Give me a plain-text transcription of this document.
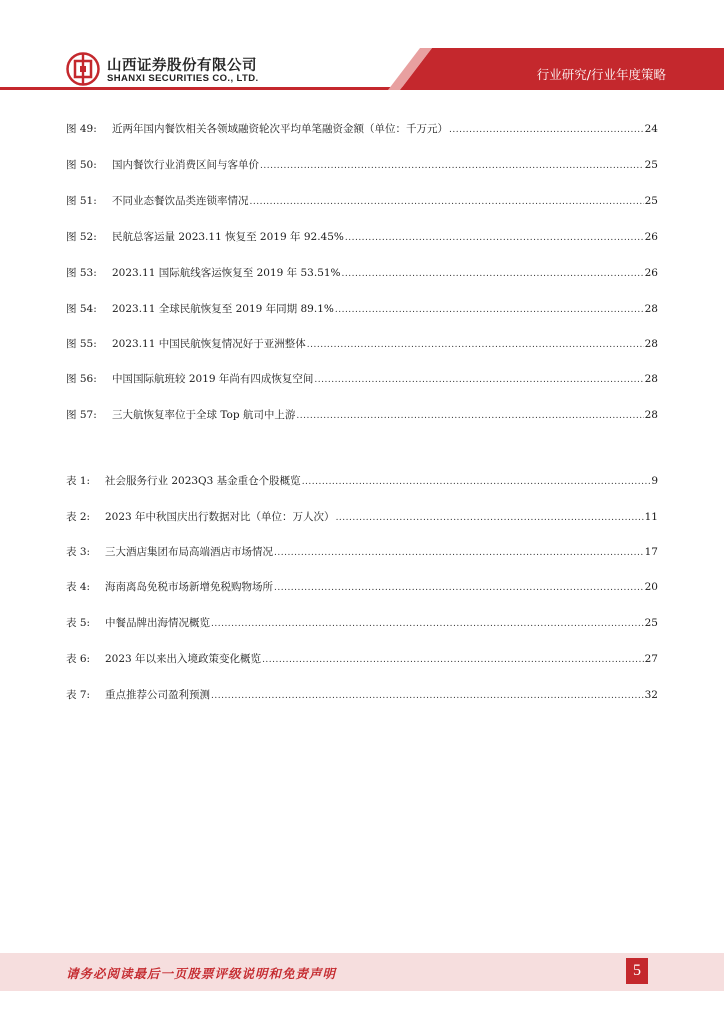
山西证券股份有限公司
SHANXI SECURITIES CO., LTD.	行业研究/行业年度策略
图 49:	近两年国内餐饮相关各领域融资轮次平均单笔融资金额（单位：千万元） .....	24
图 50:	国内餐饮行业消费区间与客单价 .....	25
图 51:	不同业态餐饮品类连锁率情况 .....	25
图 52:	民航总客运量 2023.11 恢复至 2019 年 92.45% .....	26
图 53:	2023.11 国际航线客运恢复至 2019 年 53.51% .....	26
图 54:	2023.11 全球民航恢复至 2019 年同期 89.1% .....	28
图 55:	2023.11 中国民航恢复情况好于亚洲整体 .....	28
图 56:	中国国际航班较 2019 年尚有四成恢复空间 .....	28
图 57:	三大航恢复率位于全球 Top 航司中上游 .....	28
表 1:	社会服务行业 2023Q3 基金重仓个股概览 .....	9
表 2:	2023 年中秋国庆出行数据对比（单位：万人次） .....	11
表 3:	三大酒店集团布局高端酒店市场情况 .....	17
表 4:	海南离岛免税市场新增免税购物场所 .....	20
表 5:	中餐品牌出海情况概览 .....	25
表 6:	2023 年以来出入境政策变化概览 .....	27
表 7:	重点推荐公司盈利预测 .....	32
请务必阅读最后一页股票评级说明和免责声明	5
